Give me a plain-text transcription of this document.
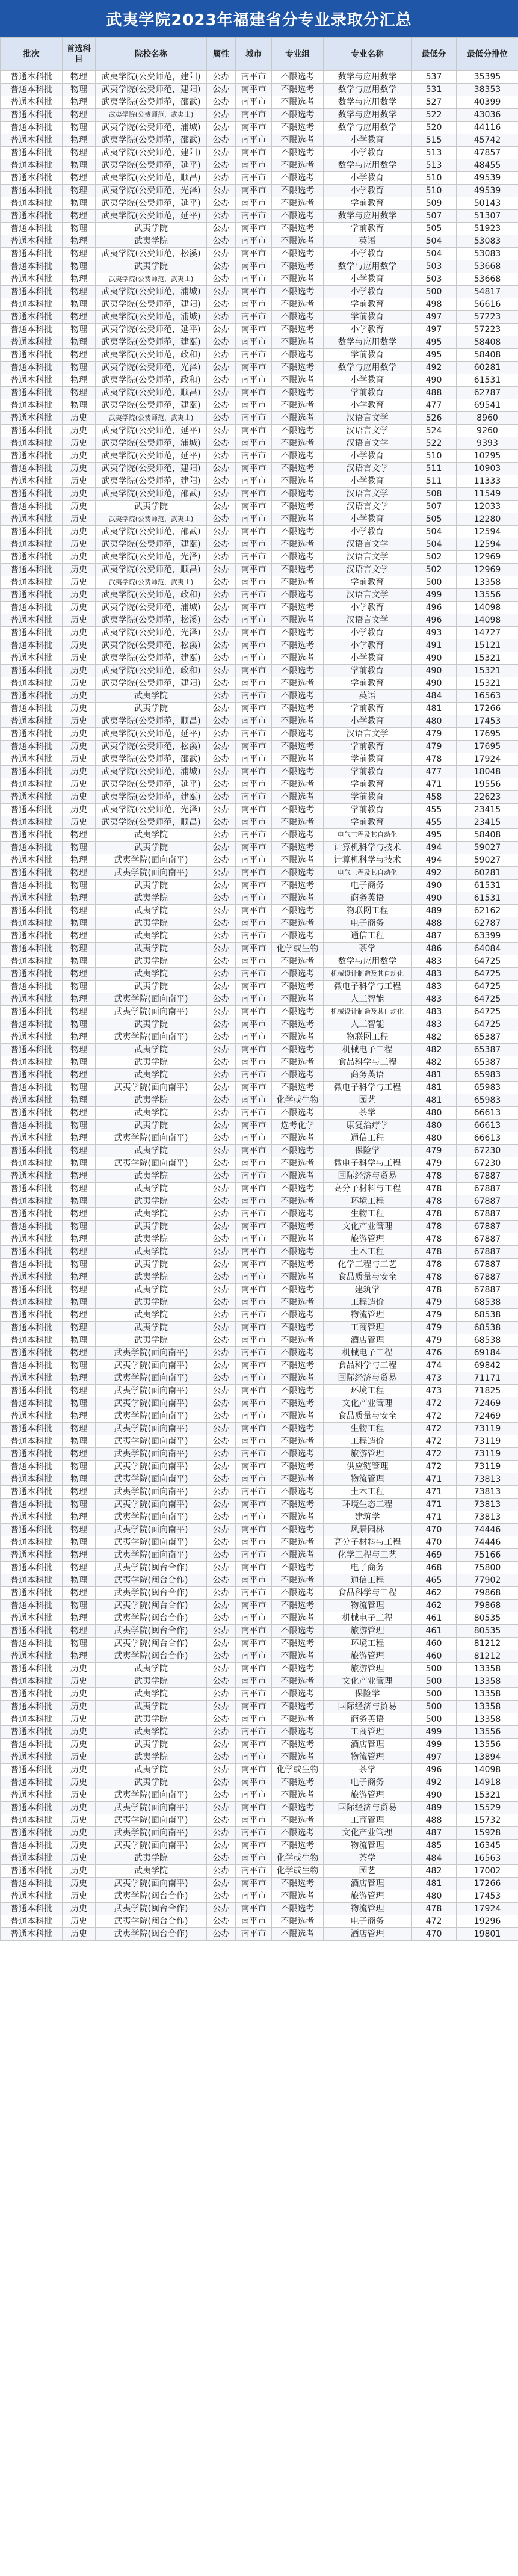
武夷学院2023年福建省分专业录取分汇总
批次	首选科目	院校名称	属性	城市	专业组	专业名称	最低分	最低分排位
普通本科批	物理	武夷学院(公费师范，建阳)	公办	南平市	不限选考	数学与应用数学	537	35395
普通本科批	物理	武夷学院(公费师范，建阳)	公办	南平市	不限选考	数学与应用数学	531	38353
普通本科批	物理	武夷学院(公费师范，邵武)	公办	南平市	不限选考	数学与应用数学	527	40399
普通本科批	物理	武夷学院(公费师范，武夷山)	公办	南平市	不限选考	数学与应用数学	522	43036
普通本科批	物理	武夷学院(公费师范，浦城)	公办	南平市	不限选考	数学与应用数学	520	44116
普通本科批	物理	武夷学院(公费师范，邵武)	公办	南平市	不限选考	小学教育	515	45742
普通本科批	物理	武夷学院(公费师范，建阳)	公办	南平市	不限选考	小学教育	513	47857
普通本科批	物理	武夷学院(公费师范，延平)	公办	南平市	不限选考	数学与应用数学	513	48455
普通本科批	物理	武夷学院(公费师范，顺昌)	公办	南平市	不限选考	小学教育	510	49539
普通本科批	物理	武夷学院(公费师范，光泽)	公办	南平市	不限选考	小学教育	510	49539
普通本科批	物理	武夷学院(公费师范，延平)	公办	南平市	不限选考	学前教育	509	50143
普通本科批	物理	武夷学院(公费师范，延平)	公办	南平市	不限选考	数学与应用数学	507	51307
普通本科批	物理	武夷学院	公办	南平市	不限选考	学前教育	505	51923
普通本科批	物理	武夷学院	公办	南平市	不限选考	英语	504	53083
普通本科批	物理	武夷学院(公费师范，松溪)	公办	南平市	不限选考	小学教育	504	53083
普通本科批	物理	武夷学院	公办	南平市	不限选考	数学与应用数学	503	53668
普通本科批	物理	武夷学院(公费师范，武夷山)	公办	南平市	不限选考	小学教育	503	53668
普通本科批	物理	武夷学院(公费师范，浦城)	公办	南平市	不限选考	小学教育	500	54817
普通本科批	物理	武夷学院(公费师范，建阳)	公办	南平市	不限选考	学前教育	498	56616
普通本科批	物理	武夷学院(公费师范，浦城)	公办	南平市	不限选考	学前教育	497	57223
普通本科批	物理	武夷学院(公费师范，延平)	公办	南平市	不限选考	小学教育	497	57223
普通本科批	物理	武夷学院(公费师范，建瓯)	公办	南平市	不限选考	数学与应用数学	495	58408
普通本科批	物理	武夷学院(公费师范，政和)	公办	南平市	不限选考	学前教育	495	58408
普通本科批	物理	武夷学院(公费师范，光泽)	公办	南平市	不限选考	数学与应用数学	492	60281
普通本科批	物理	武夷学院(公费师范，政和)	公办	南平市	不限选考	小学教育	490	61531
普通本科批	物理	武夷学院(公费师范，顺昌)	公办	南平市	不限选考	学前教育	488	62787
普通本科批	物理	武夷学院(公费师范，建瓯)	公办	南平市	不限选考	小学教育	477	69541
普通本科批	历史	武夷学院(公费师范，武夷山)	公办	南平市	不限选考	汉语言文学	526	8960
普通本科批	历史	武夷学院(公费师范，延平)	公办	南平市	不限选考	汉语言文学	524	9260
普通本科批	历史	武夷学院(公费师范，浦城)	公办	南平市	不限选考	汉语言文学	522	9393
普通本科批	历史	武夷学院(公费师范，延平)	公办	南平市	不限选考	小学教育	510	10295
普通本科批	历史	武夷学院(公费师范，建阳)	公办	南平市	不限选考	汉语言文学	511	10903
普通本科批	历史	武夷学院(公费师范，建阳)	公办	南平市	不限选考	小学教育	511	11333
普通本科批	历史	武夷学院(公费师范，邵武)	公办	南平市	不限选考	汉语言文学	508	11549
普通本科批	历史	武夷学院	公办	南平市	不限选考	汉语言文学	507	12033
普通本科批	历史	武夷学院(公费师范，武夷山)	公办	南平市	不限选考	小学教育	505	12280
普通本科批	历史	武夷学院(公费师范，邵武)	公办	南平市	不限选考	小学教育	504	12594
普通本科批	历史	武夷学院(公费师范，建瓯)	公办	南平市	不限选考	汉语言文学	504	12594
普通本科批	历史	武夷学院(公费师范，光泽)	公办	南平市	不限选考	汉语言文学	502	12969
普通本科批	历史	武夷学院(公费师范，顺昌)	公办	南平市	不限选考	汉语言文学	502	12969
普通本科批	历史	武夷学院(公费师范，武夷山)	公办	南平市	不限选考	学前教育	500	13358
普通本科批	历史	武夷学院(公费师范，政和)	公办	南平市	不限选考	汉语言文学	499	13556
普通本科批	历史	武夷学院(公费师范，浦城)	公办	南平市	不限选考	小学教育	496	14098
普通本科批	历史	武夷学院(公费师范，松溪)	公办	南平市	不限选考	汉语言文学	496	14098
普通本科批	历史	武夷学院(公费师范，光泽)	公办	南平市	不限选考	小学教育	493	14727
普通本科批	历史	武夷学院(公费师范，松溪)	公办	南平市	不限选考	小学教育	491	15121
普通本科批	历史	武夷学院(公费师范，建瓯)	公办	南平市	不限选考	小学教育	490	15321
普通本科批	历史	武夷学院(公费师范，政和)	公办	南平市	不限选考	学前教育	490	15321
普通本科批	历史	武夷学院(公费师范，建阳)	公办	南平市	不限选考	学前教育	490	15321
普通本科批	历史	武夷学院	公办	南平市	不限选考	英语	484	16563
普通本科批	历史	武夷学院	公办	南平市	不限选考	学前教育	481	17266
普通本科批	历史	武夷学院(公费师范，顺昌)	公办	南平市	不限选考	小学教育	480	17453
普通本科批	历史	武夷学院(公费师范，延平)	公办	南平市	不限选考	汉语言文学	479	17695
普通本科批	历史	武夷学院(公费师范，松溪)	公办	南平市	不限选考	学前教育	479	17695
普通本科批	历史	武夷学院(公费师范，邵武)	公办	南平市	不限选考	学前教育	478	17924
普通本科批	历史	武夷学院(公费师范，浦城)	公办	南平市	不限选考	学前教育	477	18048
普通本科批	历史	武夷学院(公费师范，延平)	公办	南平市	不限选考	学前教育	471	19556
普通本科批	历史	武夷学院(公费师范，建瓯)	公办	南平市	不限选考	学前教育	458	22623
普通本科批	历史	武夷学院(公费师范，光泽)	公办	南平市	不限选考	学前教育	455	23415
普通本科批	历史	武夷学院(公费师范，顺昌)	公办	南平市	不限选考	学前教育	455	23415
普通本科批	物理	武夷学院	公办	南平市	不限选考	电气工程及其自动化	495	58408
普通本科批	物理	武夷学院	公办	南平市	不限选考	计算机科学与技术	494	59027
普通本科批	物理	武夷学院(面向南平)	公办	南平市	不限选考	计算机科学与技术	494	59027
普通本科批	物理	武夷学院(面向南平)	公办	南平市	不限选考	电气工程及其自动化	492	60281
普通本科批	物理	武夷学院	公办	南平市	不限选考	电子商务	490	61531
普通本科批	物理	武夷学院	公办	南平市	不限选考	商务英语	490	61531
普通本科批	物理	武夷学院	公办	南平市	不限选考	物联网工程	489	62162
普通本科批	物理	武夷学院	公办	南平市	不限选考	电子商务	488	62787
普通本科批	物理	武夷学院	公办	南平市	不限选考	通信工程	487	63399
普通本科批	物理	武夷学院	公办	南平市	化学或生物	茶学	486	64084
普通本科批	物理	武夷学院	公办	南平市	不限选考	数学与应用数学	483	64725
普通本科批	物理	武夷学院	公办	南平市	不限选考	机械设计制造及其自动化	483	64725
普通本科批	物理	武夷学院	公办	南平市	不限选考	微电子科学与工程	483	64725
普通本科批	物理	武夷学院(面向南平)	公办	南平市	不限选考	人工智能	483	64725
普通本科批	物理	武夷学院(面向南平)	公办	南平市	不限选考	机械设计制造及其自动化	483	64725
普通本科批	物理	武夷学院	公办	南平市	不限选考	人工智能	483	64725
普通本科批	物理	武夷学院(面向南平)	公办	南平市	不限选考	物联网工程	482	65387
普通本科批	物理	武夷学院	公办	南平市	不限选考	机械电子工程	482	65387
普通本科批	物理	武夷学院	公办	南平市	不限选考	食品科学与工程	482	65387
普通本科批	物理	武夷学院	公办	南平市	不限选考	商务英语	481	65983
普通本科批	物理	武夷学院(面向南平)	公办	南平市	不限选考	微电子科学与工程	481	65983
普通本科批	物理	武夷学院	公办	南平市	化学或生物	园艺	481	65983
普通本科批	物理	武夷学院	公办	南平市	不限选考	茶学	480	66613
普通本科批	物理	武夷学院	公办	南平市	选考化学	康复治疗学	480	66613
普通本科批	物理	武夷学院(面向南平)	公办	南平市	不限选考	通信工程	480	66613
普通本科批	物理	武夷学院	公办	南平市	不限选考	保险学	479	67230
普通本科批	物理	武夷学院(面向南平)	公办	南平市	不限选考	微电子科学与工程	479	67230
普通本科批	物理	武夷学院	公办	南平市	不限选考	国际经济与贸易	478	67887
普通本科批	物理	武夷学院	公办	南平市	不限选考	高分子材料与工程	478	67887
普通本科批	物理	武夷学院	公办	南平市	不限选考	环境工程	478	67887
普通本科批	物理	武夷学院	公办	南平市	不限选考	生物工程	478	67887
普通本科批	物理	武夷学院	公办	南平市	不限选考	文化产业管理	478	67887
普通本科批	物理	武夷学院	公办	南平市	不限选考	旅游管理	478	67887
普通本科批	物理	武夷学院	公办	南平市	不限选考	土木工程	478	67887
普通本科批	物理	武夷学院	公办	南平市	不限选考	化学工程与工艺	478	67887
普通本科批	物理	武夷学院	公办	南平市	不限选考	食品质量与安全	478	67887
普通本科批	物理	武夷学院	公办	南平市	不限选考	建筑学	478	67887
普通本科批	物理	武夷学院	公办	南平市	不限选考	工程造价	479	68538
普通本科批	物理	武夷学院	公办	南平市	不限选考	物流管理	479	68538
普通本科批	物理	武夷学院	公办	南平市	不限选考	工商管理	479	68538
普通本科批	物理	武夷学院	公办	南平市	不限选考	酒店管理	479	68538
普通本科批	物理	武夷学院(面向南平)	公办	南平市	不限选考	机械电子工程	476	69184
普通本科批	物理	武夷学院(面向南平)	公办	南平市	不限选考	食品科学与工程	474	69842
普通本科批	物理	武夷学院(面向南平)	公办	南平市	不限选考	国际经济与贸易	473	71171
普通本科批	物理	武夷学院(面向南平)	公办	南平市	不限选考	环境工程	473	71825
普通本科批	物理	武夷学院(面向南平)	公办	南平市	不限选考	文化产业管理	472	72469
普通本科批	物理	武夷学院(面向南平)	公办	南平市	不限选考	食品质量与安全	472	72469
普通本科批	物理	武夷学院(面向南平)	公办	南平市	不限选考	生物工程	472	73119
普通本科批	物理	武夷学院(面向南平)	公办	南平市	不限选考	工程造价	472	73119
普通本科批	物理	武夷学院(面向南平)	公办	南平市	不限选考	旅游管理	472	73119
普通本科批	物理	武夷学院(面向南平)	公办	南平市	不限选考	供应链管理	472	73119
普通本科批	物理	武夷学院(面向南平)	公办	南平市	不限选考	物流管理	471	73813
普通本科批	物理	武夷学院(面向南平)	公办	南平市	不限选考	土木工程	471	73813
普通本科批	物理	武夷学院(面向南平)	公办	南平市	不限选考	环境生态工程	471	73813
普通本科批	物理	武夷学院(面向南平)	公办	南平市	不限选考	建筑学	471	73813
普通本科批	物理	武夷学院(面向南平)	公办	南平市	不限选考	风景园林	470	74446
普通本科批	物理	武夷学院(面向南平)	公办	南平市	不限选考	高分子材料与工程	470	74446
普通本科批	物理	武夷学院(面向南平)	公办	南平市	不限选考	化学工程与工艺	469	75166
普通本科批	物理	武夷学院(闽台合作)	公办	南平市	不限选考	电子商务	468	75800
普通本科批	物理	武夷学院(闽台合作)	公办	南平市	不限选考	通信工程	465	77902
普通本科批	物理	武夷学院(闽台合作)	公办	南平市	不限选考	食品科学与工程	462	79868
普通本科批	物理	武夷学院(闽台合作)	公办	南平市	不限选考	物流管理	462	79868
普通本科批	物理	武夷学院(闽台合作)	公办	南平市	不限选考	机械电子工程	461	80535
普通本科批	物理	武夷学院(闽台合作)	公办	南平市	不限选考	旅游管理	461	80535
普通本科批	物理	武夷学院(闽台合作)	公办	南平市	不限选考	环境工程	460	81212
普通本科批	物理	武夷学院(闽台合作)	公办	南平市	不限选考	旅游管理	460	81212
普通本科批	历史	武夷学院	公办	南平市	不限选考	旅游管理	500	13358
普通本科批	历史	武夷学院	公办	南平市	不限选考	文化产业管理	500	13358
普通本科批	历史	武夷学院	公办	南平市	不限选考	保险学	500	13358
普通本科批	历史	武夷学院	公办	南平市	不限选考	国际经济与贸易	500	13358
普通本科批	历史	武夷学院	公办	南平市	不限选考	商务英语	500	13358
普通本科批	历史	武夷学院	公办	南平市	不限选考	工商管理	499	13556
普通本科批	历史	武夷学院	公办	南平市	不限选考	酒店管理	499	13556
普通本科批	历史	武夷学院	公办	南平市	不限选考	物流管理	497	13894
普通本科批	历史	武夷学院	公办	南平市	化学或生物	茶学	496	14098
普通本科批	历史	武夷学院	公办	南平市	不限选考	电子商务	492	14918
普通本科批	历史	武夷学院(面向南平)	公办	南平市	不限选考	旅游管理	490	15321
普通本科批	历史	武夷学院(面向南平)	公办	南平市	不限选考	国际经济与贸易	489	15529
普通本科批	历史	武夷学院(面向南平)	公办	南平市	不限选考	工商管理	488	15732
普通本科批	历史	武夷学院(面向南平)	公办	南平市	不限选考	文化产业管理	487	15928
普通本科批	历史	武夷学院(面向南平)	公办	南平市	不限选考	物流管理	485	16345
普通本科批	历史	武夷学院	公办	南平市	化学或生物	茶学	484	16563
普通本科批	历史	武夷学院	公办	南平市	化学或生物	园艺	482	17002
普通本科批	历史	武夷学院(面向南平)	公办	南平市	不限选考	酒店管理	481	17266
普通本科批	历史	武夷学院(闽台合作)	公办	南平市	不限选考	旅游管理	480	17453
普通本科批	历史	武夷学院(闽台合作)	公办	南平市	不限选考	物流管理	478	17924
普通本科批	历史	武夷学院(闽台合作)	公办	南平市	不限选考	电子商务	472	19296
普通本科批	历史	武夷学院(闽台合作)	公办	南平市	不限选考	酒店管理	470	19801
